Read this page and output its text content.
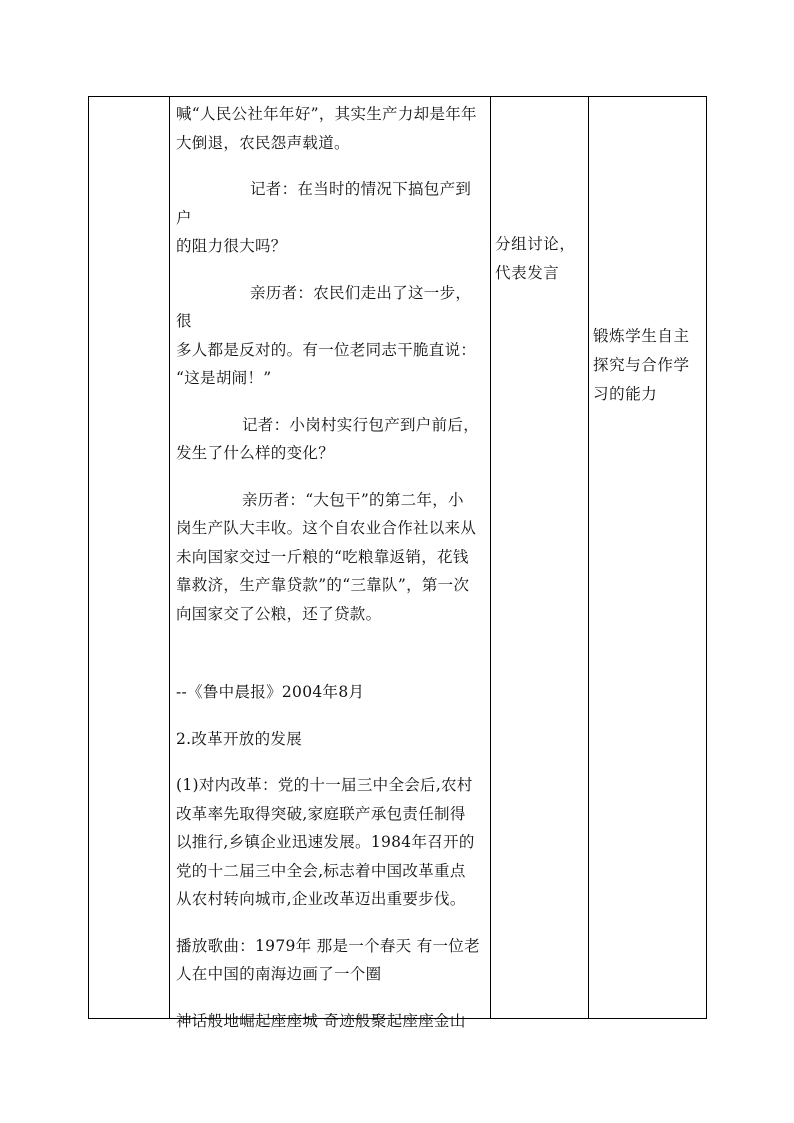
喊“人民公社年年好”，其实生产力却是年年
大倒退，农民怨声载道。

记者：在当时的情况下搞包产到户
的阻力很大吗？

亲历者：农民们走出了这一步，很
多人都是反对的。有一位老同志干脆直说：
“这是胡闹！”

记者：小岗村实行包产到户前后，
发生了什么样的变化？

亲历者：“大包干”的第二年，小
岗生产队大丰收。这个自农业合作社以来从
未向国家交过一斤粮的“吃粮靠返销，花钱
靠救济，生产靠贷款”的“三靠队”，第一次
向国家交了公粮，还了贷款。

--《鲁中晨报》2004年8月

2.改革开放的发展

(1)对内改革：党的十一届三中全会后,农村
改革率先取得突破,家庭联产承包责任制得
以推行,乡镇企业迅速发展。1984年召开的
党的十二届三中全会,标志着中国改革重点
从农村转向城市,企业改革迈出重要步伐。

播放歌曲：1979年 那是一个春天 有一位老
人在中国的南海边画了一个圈

神话般地崛起座座城 奇迹般聚起座座金山

分组讨论，
代表发言
锻炼学生自主
探究与合作学
习的能力
